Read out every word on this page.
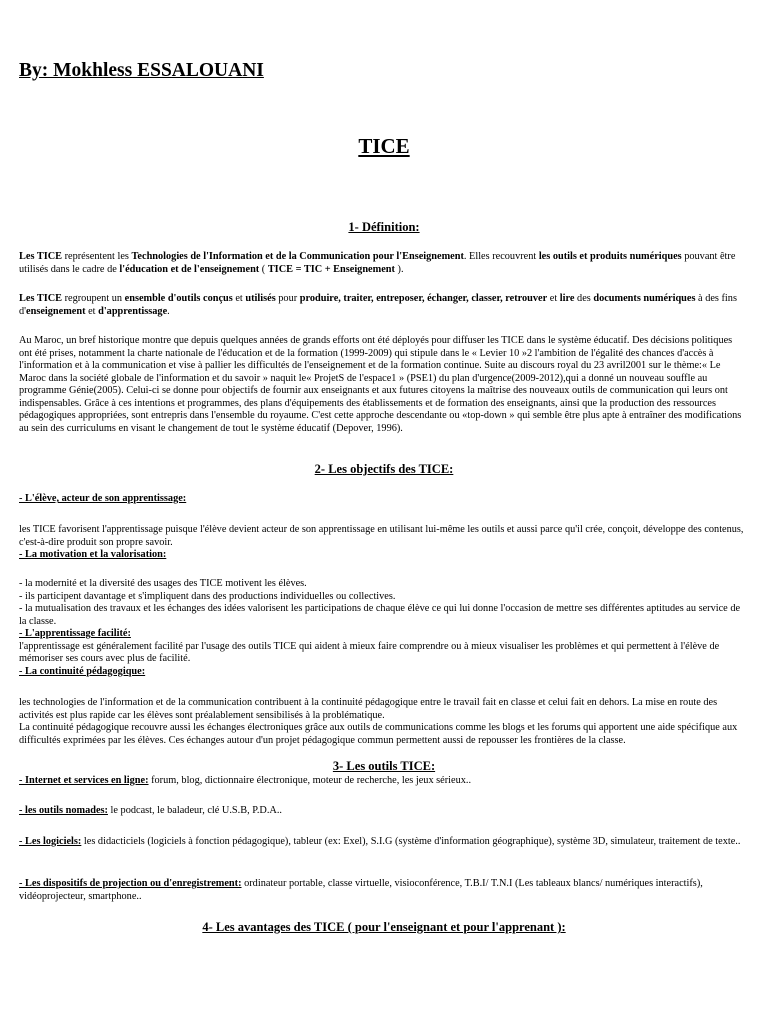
By: Mokhless ESSALOUANI
TICE
1- Définition:

Les TICE représentent les Technologies de l'Information et de la Communication pour l'Enseignement. Elles recouvrent les outils et produits numériques pouvant être utilisés dans le cadre de l'éducation et de l'enseignement ( TICE = TIC + Enseignement ).

Les TICE regroupent un ensemble d'outils conçus et utilisés pour produire, traiter, entreposer, échanger, classer, retrouver et lire des documents numériques à des fins d'enseignement et d'apprentissage.

Au Maroc, un bref historique montre que depuis quelques années de grands efforts ont été déployés pour diffuser les TICE dans le système éducatif. Des décisions politiques ont été prises, notamment la charte nationale de l'éducation et de la formation (1999-2009) qui stipule dans le « Levier 10 »2 l'ambition de l'égalité des chances d'accès à l'information et à la communication et vise à pallier les difficultés de l'enseignement et de la formation continue. Suite au discours royal du 23 avril2001 sur le thème:« Le Maroc dans la société globale de l'information et du savoir » naquit le« ProjetS de l'espace1 » (PSE1) du plan d'urgence(2009-2012),qui a donné un nouveau souffle au programme Génie(2005). Celui-ci se donne pour objectifs de fournir aux enseignants et aux futures citoyens la maîtrise des nouveaux outils de communication qui leurs ont indispensables. Grâce à ces intentions et programmes, des plans d'équipements des établissements et de formation des enseignants, ainsi que la production des ressources pédagogiques appropriées, sont entrepris dans l'ensemble du royaume. C'est cette approche descendante ou «top-down » qui semble être plus apte à entraîner des modifications au sein des curriculums en visant le changement de tout le système éducatif (Depover, 1996).

2- Les objectifs des TICE:

- L'élève, acteur de son apprentissage:

les TICE favorisent l'apprentissage puisque l'élève devient acteur de son apprentissage en utilisant lui-même les outils et aussi parce qu'il crée, conçoit, développe des contenus, c'est-à-dire produit son propre savoir.

- La motivation et la valorisation:

- la modernité et la diversité des usages des TICE motivent les élèves.

- ils participent davantage et s'impliquent dans des productions individuelles ou collectives.

- la mutualisation des travaux et les échanges des idées valorisent les participations de chaque élève ce qui lui donne l'occasion de mettre ses différentes aptitudes au service de la classe.

- L'apprentissage facilité:

l'apprentissage est généralement facilité par l'usage des outils TICE qui aident à mieux faire comprendre ou à mieux visualiser les problèmes et qui permettent à l'élève de mémoriser ses cours avec plus de facilité.

- La continuité pédagogique:

les technologies de l'information et de la communication contribuent à la continuité pédagogique entre le travail fait en classe et celui fait en dehors. La mise en route des activités est plus rapide car les élèves sont préalablement sensibilisés à la problématique.

La continuité pédagogique recouvre aussi les échanges électroniques grâce aux outils de communications comme les blogs et les forums qui apportent une aide spécifique aux difficultés exprimées par les élèves. Ces échanges autour d'un projet pédagogique commun permettent aussi de repousser les frontières de la classe.

3- Les outils TICE:

- Internet et services en ligne: forum, blog, dictionnaire électronique, moteur de recherche, les jeux sérieux..

- les outils nomades: le podcast, le baladeur, clé U.S.B, P.D.A..

- Les logiciels: les didacticiels (logiciels à fonction pédagogique), tableur (ex: Exel), S.I.G (système d'information géographique), système 3D, simulateur, traitement de texte..

- Les dispositifs de projection ou d'enregistrement: ordinateur portable, classe virtuelle, visioconférence, T.B.I/ T.N.I (Les tableaux blancs/ numériques interactifs), vidéoprojecteur, smartphone..

4- Les avantages des TICE ( pour l'enseignant et pour l'apprenant ):
